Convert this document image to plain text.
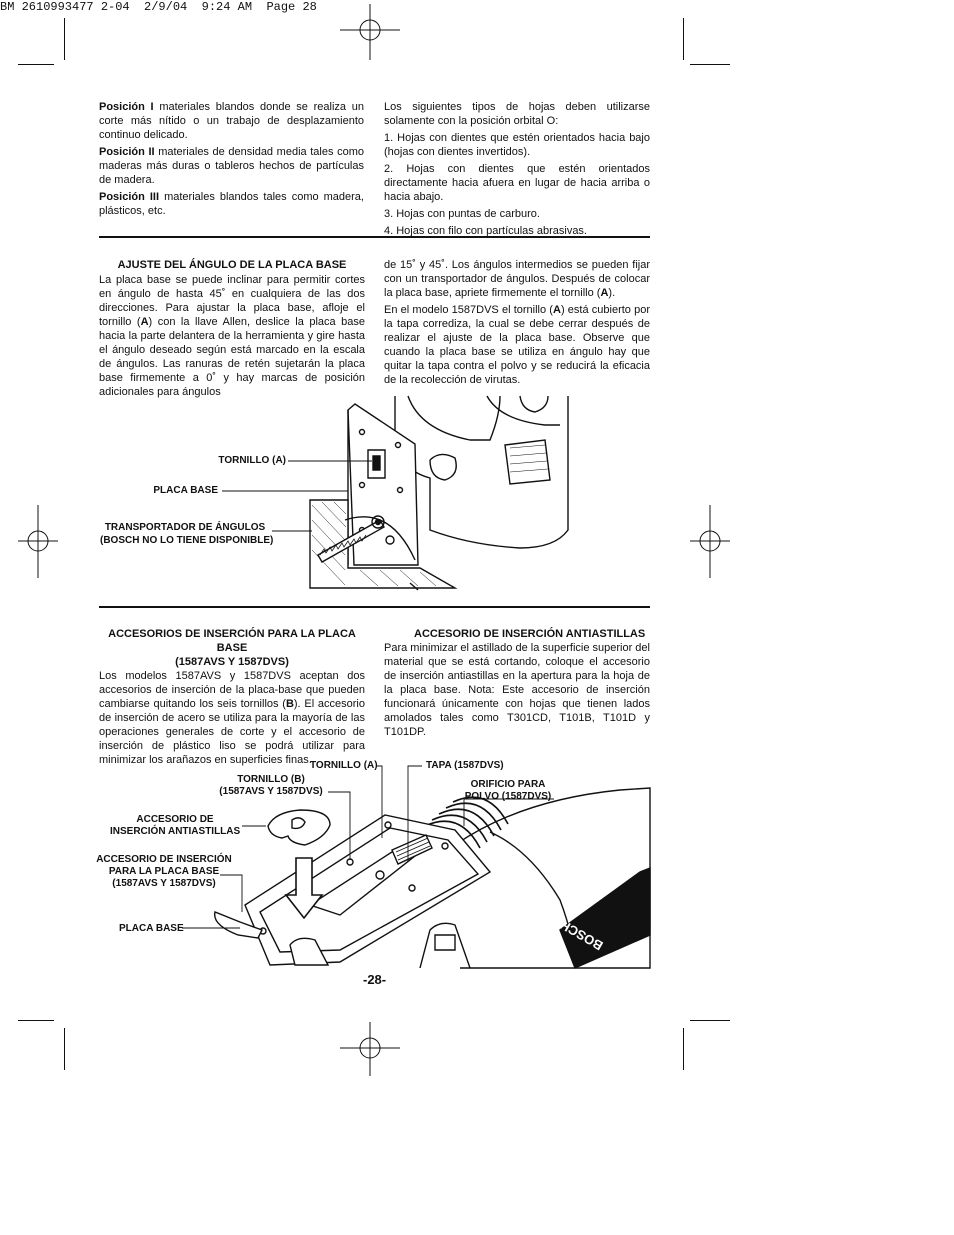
BOSCH
BM 2610993477 2-04  2/9/04  9:24 AM  Page 28

Posición I materiales blandos donde se realiza un corte más nítido o un trabajo de desplazamiento continuo delicado.

Posición II materiales de densidad media tales como maderas más duras o tableros hechos de partículas de madera.

Posición III materiales blandos tales como madera, plásticos, etc.

Los siguientes tipos de hojas deben utilizarse solamente con la posición orbital O:

1. Hojas con dientes que estén orientados hacia bajo (hojas con dientes invertidos).

2. Hojas con dientes que estén orientados directamente hacia afuera en lugar de hacia arriba o hacia abajo.

3. Hojas con puntas de carburo.

4. Hojas con filo con partículas abrasivas.

AJUSTE DEL ÁNGULO DE LA PLACA BASE

La placa base se puede inclinar para permitir cortes en ángulo de hasta 45˚ en cualquiera de las dos direcciones. Para ajustar la placa base, afloje el tornillo (A) con la llave Allen, deslice la placa base hacia la parte delantera de la herramienta y gire hasta el ángulo deseado según está marcado en la escala de ángulos. Las ranuras de retén sujetarán la placa base firmemente a 0˚ y hay marcas de posición adicionales para ángulos

de 15˚ y 45˚. Los ángulos intermedios se pueden fijar con un transportador de ángulos. Después de colocar la placa base, apriete firmemente el tornillo (A).

En el modelo 1587DVS el tornillo (A) está cubierto por la tapa corrediza, la cual se debe cerrar después de realizar el ajuste de la placa base. Observe que cuando la placa base se utiliza en ángulo hay que quitar la tapa contra el polvo y se reducirá la eficacia de la recolección de virutas.

TORNILLO (A)
PLACA BASE
TRANSPORTADOR DE ÁNGULOS
(BOSCH NO LO TIENE DISPONIBLE)
ACCESORIOS DE INSERCIÓN PARA LA PLACA BASE
(1587AVS Y 1587DVS)

Los modelos 1587AVS y 1587DVS aceptan dos accesorios de inserción de la placa-base que pueden cambiarse quitando los seis tornillos (B). El accesorio de inserción de acero se utiliza para la mayoría de las operaciones generales de corte y el accesorio de inserción de plástico liso se podrá utilizar para minimizar los arañazos en superficies finas.

ACCESORIO DE INSERCIÓN ANTIASTILLAS

Para minimizar el astillado de la superficie superior del material que se está cortando, coloque el accesorio de inserción antiastillas en la apertura para la hoja de la placa base. Nota: Este accesorio de inserción funcionará únicamente con hojas que tienen lados amolados tales como T301CD, T101B, T101D y T101DP.

TORNILLO (A)	TAPA (1587DVS)
TORNILLO (B)
(1587AVS Y 1587DVS)
ORIFICIO PARA
POLVO (1587DVS)
ACCESORIO DE
INSERCIÓN ANTIASTILLAS
ACCESORIO DE INSERCIÓN
PARA LA PLACA BASE
(1587AVS Y 1587DVS)
PLACA BASE
-28-
